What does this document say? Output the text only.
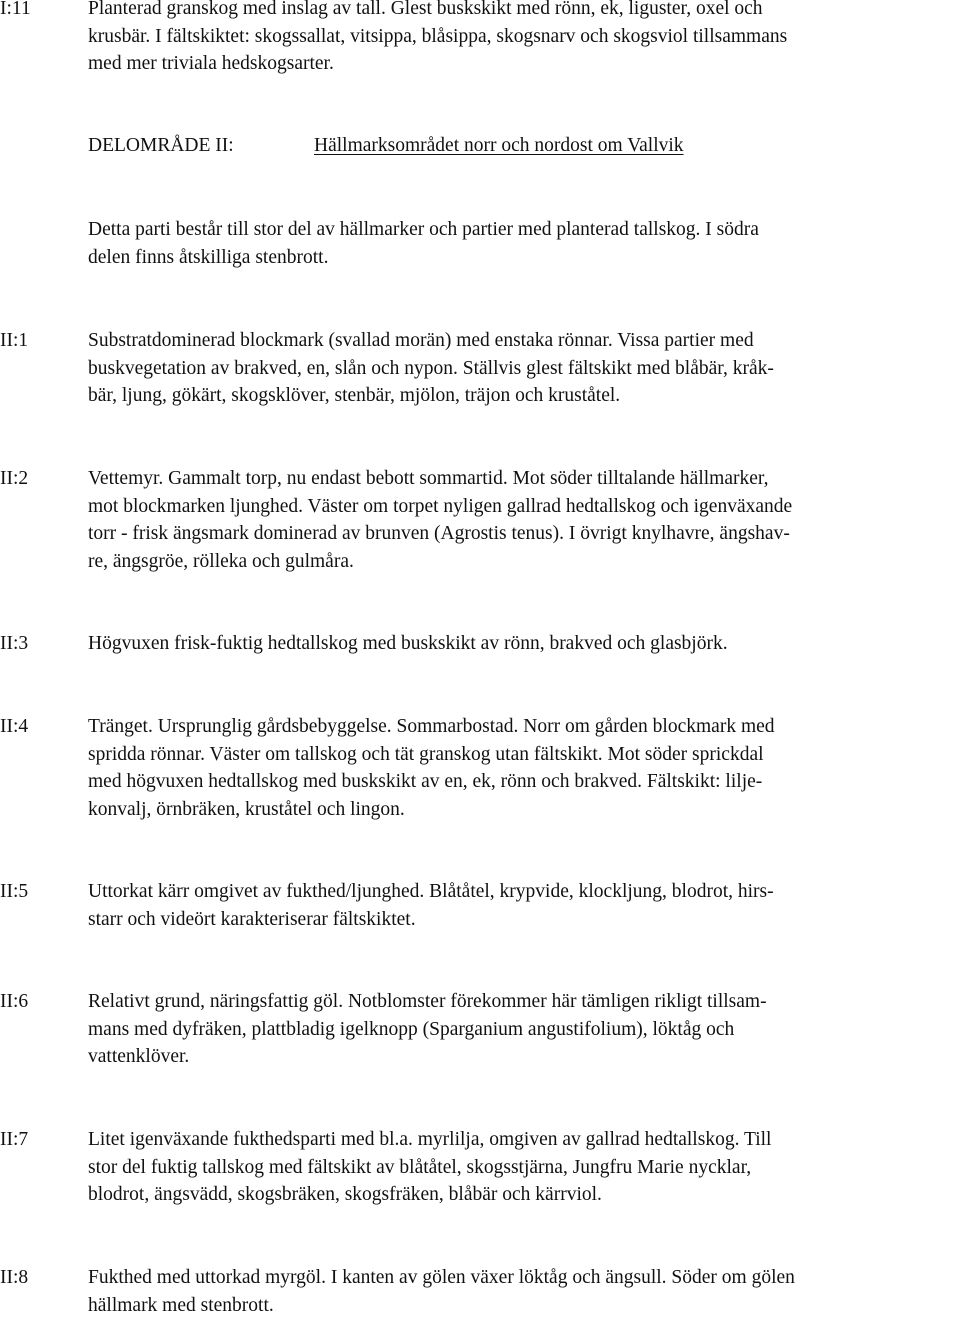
I:11	Planterad granskog med inslag av tall. Glest buskskikt med rönn, ek, liguster, oxel och
krusbär. I fältskiktet: skogssallat, vitsippa, blåsippa, skogsnarv och skogsviol tillsammans
med mer triviala hedskogsarter.

DELOMRÅDE II:	Hällmarksområdet norr och nordost om Vallvik

Detta parti består till stor del av hällmarker och partier med planterad tallskog. I södra
delen finns åtskilliga stenbrott.

II:1	Substratdominerad blockmark (svallad morän) med enstaka rönnar. Vissa partier med
buskvegetation av brakved, en, slån och nypon. Ställvis glest fältskikt med blåbär, kråk-
bär, ljung, gökärt, skogsklöver, stenbär, mjölon, träjon och kruståtel.

II:2	Vettemyr. Gammalt torp, nu endast bebott sommartid. Mot söder tilltalande hällmarker,
mot blockmarken ljunghed. Väster om torpet nyligen gallrad hedtallskog och igenväxande
torr - frisk ängsmark dominerad av brunven (Agrostis tenus). I övrigt knylhavre, ängshav-
re, ängsgröe, rölleka och gulmåra.

II:3	Högvuxen frisk-fuktig hedtallskog med buskskikt av rönn, brakved och glasbjörk.

II:4	Tränget. Ursprunglig gårdsbebyggelse. Sommarbostad. Norr om gården blockmark med
spridda rönnar. Väster om tallskog och tät granskog utan fältskikt. Mot söder sprickdal
med högvuxen hedtallskog med buskskikt av en, ek, rönn och brakved. Fältskikt: lilje-
konvalj, örnbräken, kruståtel och lingon.

II:5	Uttorkat kärr omgivet av fukthed/ljunghed. Blåtåtel, krypvide, klockljung, blodrot, hirs-
starr och videört karakteriserar fältskiktet.

II:6	Relativt grund, näringsfattig göl. Notblomster förekommer här tämligen rikligt tillsam-
mans med dyfräken, plattbladig igelknopp (Sparganium angustifolium), löktåg och
vattenklöver.

II:7	Litet igenväxande fukthedsparti med bl.a. myrlilja, omgiven av gallrad hedtallskog. Till
stor del fuktig tallskog med fältskikt av blåtåtel, skogsstjärna, Jungfru Marie nycklar,
blodrot, ängsvädd, skogsbräken, skogsfräken, blåbär och kärrviol.

II:8	Fukthed med uttorkad myrgöl. I kanten av gölen växer löktåg och ängsull. Söder om gölen
hällmark med stenbrott.
